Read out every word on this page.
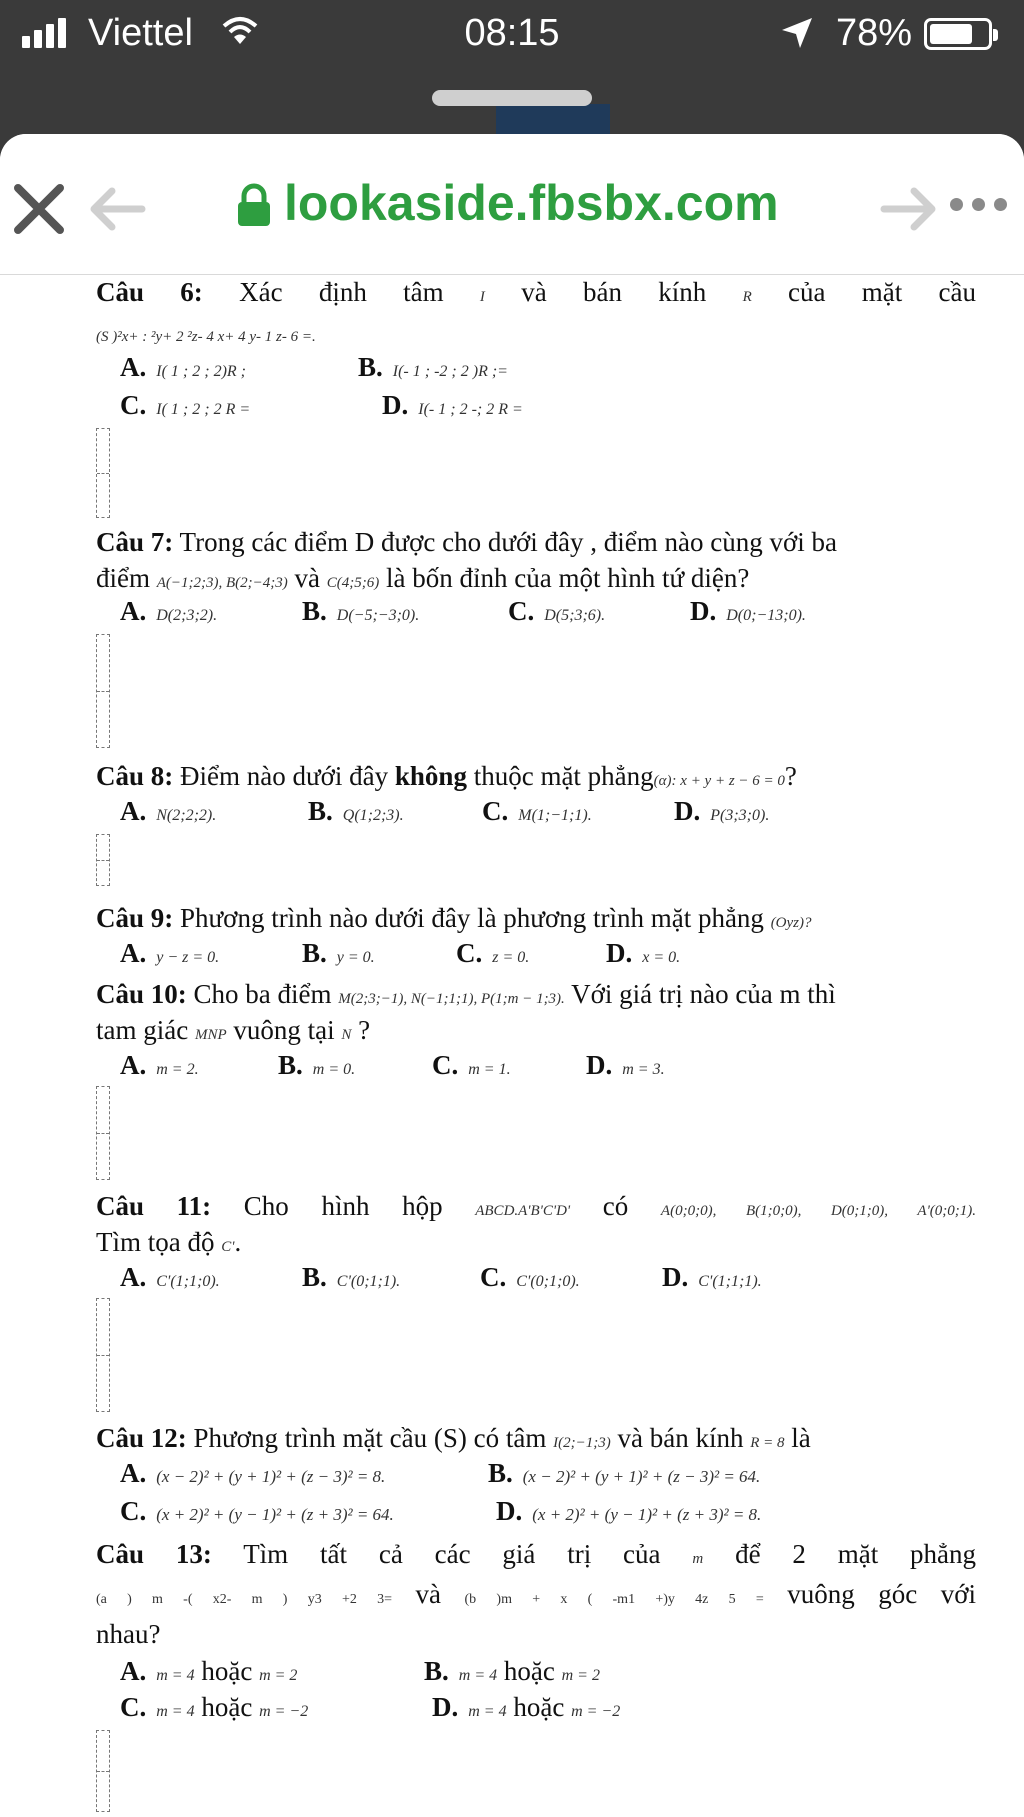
Viettel	08:15	78%
lookaside.fbsbx.com
Câu 6: Xác định tâm I và bán kính R của mặt cầu
(S )²x+ : ²y+ 2 ²z- 4 x+ 4 y- 1 z- 6 =.
A. I( 1 ; 2 ; 2)R ;	B. I(- 1 ; -2 ; 2 )R ;=
C. I( 1 ; 2 ; 2 R =	D. I(- 1 ; 2 -; 2 R =
Câu 7: Trong các điểm D được cho dưới đây , điểm nào cùng với ba
điểm A(−1;2;3), B(2;−4;3) và C(4;5;6) là bốn đỉnh của một hình tứ diện?
A. D(2;3;2).	B. D(−5;−3;0).	C. D(5;3;6).	D. D(0;−13;0).
Câu 8: Điểm nào dưới đây không thuộc mặt phẳng(α): x + y + z − 6 = 0?
A. N(2;2;2).	B. Q(1;2;3).	C. M(1;−1;1).	D. P(3;3;0).
Câu 9: Phương trình nào dưới đây là phương trình mặt phẳng (Oyz)?
A. y − z = 0.	B. y = 0.	C. z = 0.	D. x = 0.
Câu 10: Cho ba điểm M(2;3;−1), N(−1;1;1), P(1;m − 1;3). Với giá trị nào của m thì
tam giác MNP vuông tại N ?
A. m = 2.	B. m = 0.	C. m = 1.	D. m = 3.
Câu 11: Cho hình hộp ABCD.A'B'C'D' có A(0;0;0), B(1;0;0), D(0;1;0), A'(0;0;1).
Tìm tọa độ C'.
A. C'(1;1;0).	B. C'(0;1;1).	C. C'(0;1;0).	D. C'(1;1;1).
Câu 12: Phương trình mặt cầu (S) có tâm I(2;−1;3) và bán kính R = 8 là
A. (x − 2)² + (y + 1)² + (z − 3)² = 8.	B. (x − 2)² + (y + 1)² + (z − 3)² = 64.
C. (x + 2)² + (y − 1)² + (z + 3)² = 64.	D. (x + 2)² + (y − 1)² + (z + 3)² = 8.
Câu 13: Tìm tất cả các giá trị của m để 2 mặt phẳng
(a ) m -( x2- m ) y3 +2 3= và (b )m + x ( -m1 +)y 4z 5 = vuông góc với
nhau?
A. m = 4 hoặc m = 2	B. m = 4 hoặc m = 2
C. m = 4 hoặc m = −2	D. m = 4 hoặc m = −2
